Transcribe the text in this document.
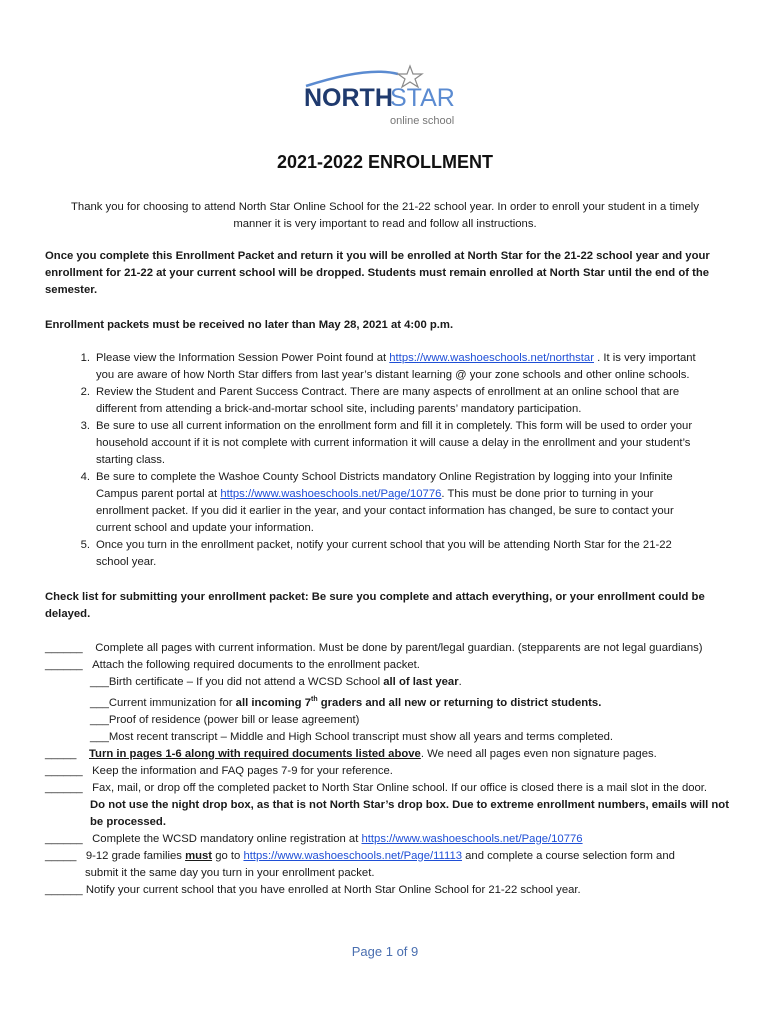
NORTH
STAR
online school
2021-2022 ENROLLMENT
Thank you for choosing to attend North Star Online School for the 21-22 school year. In order to enroll your student in a timely
manner it is very important to read and follow all instructions.
Once you complete this Enrollment Packet and return it you will be enrolled at North Star for the 21-22 school year and your
enrollment for 21-22 at your current school will be dropped. Students must remain enrolled at North Star until the end of the
semester.
Enrollment packets must be received no later than May 28, 2021 at 4:00 p.m.
1. Please view the Information Session Power Point found at https://www.washoeschools.net/northstar . It is very important
you are aware of how North Star differs from last year’s distant learning @ your zone schools and other online schools.
2. Review the Student and Parent Success Contract. There are many aspects of enrollment at an online school that are
different from attending a brick-and-mortar school site, including parents’ mandatory participation.
3. Be sure to use all current information on the enrollment form and fill it in completely. This form will be used to order your
household account if it is not complete with current information it will cause a delay in the enrollment and your student’s
starting class.
4. Be sure to complete the Washoe County School Districts mandatory Online Registration by logging into your Infinite
Campus parent portal at https://www.washoeschools.net/Page/10776. This must be done prior to turning in your
enrollment packet. If you did it earlier in the year, and your contact information has changed, be sure to contact your
current school and update your information.
5. Once you turn in the enrollment packet, notify your current school that you will be attending North Star for the 21-22
school year.
Check list for submitting your enrollment packet: Be sure you complete and attach everything, or your enrollment could be
delayed.
______ Complete all pages with current information. Must be done by parent/legal guardian. (stepparents are not legal guardians)
______ Attach the following required documents to the enrollment packet.
___Birth certificate – If you did not attend a WCSD School all of last year.
___Current immunization for all incoming 7th graders and all new or returning to district students.
___Proof of residence (power bill or lease agreement)
___Most recent transcript – Middle and High School transcript must show all years and terms completed.
_____ Turn in pages 1-6 along with required documents listed above. We need all pages even non signature pages.
______ Keep the information and FAQ pages 7-9 for your reference.
______ Fax, mail, or drop off the completed packet to North Star Online school. If our office is closed there is a mail slot in the door.
Do not use the night drop box, as that is not North Star’s drop box. Due to extreme enrollment numbers, emails will not
be processed.
______ Complete the WCSD mandatory online registration at https://www.washoeschools.net/Page/10776
_____ 9-12 grade families must go to https://www.washoeschools.net/Page/11113 and complete a course selection form and
submit it the same day you turn in your enrollment packet.
______ Notify your current school that you have enrolled at North Star Online School for 21-22 school year.
Page 1 of 9
